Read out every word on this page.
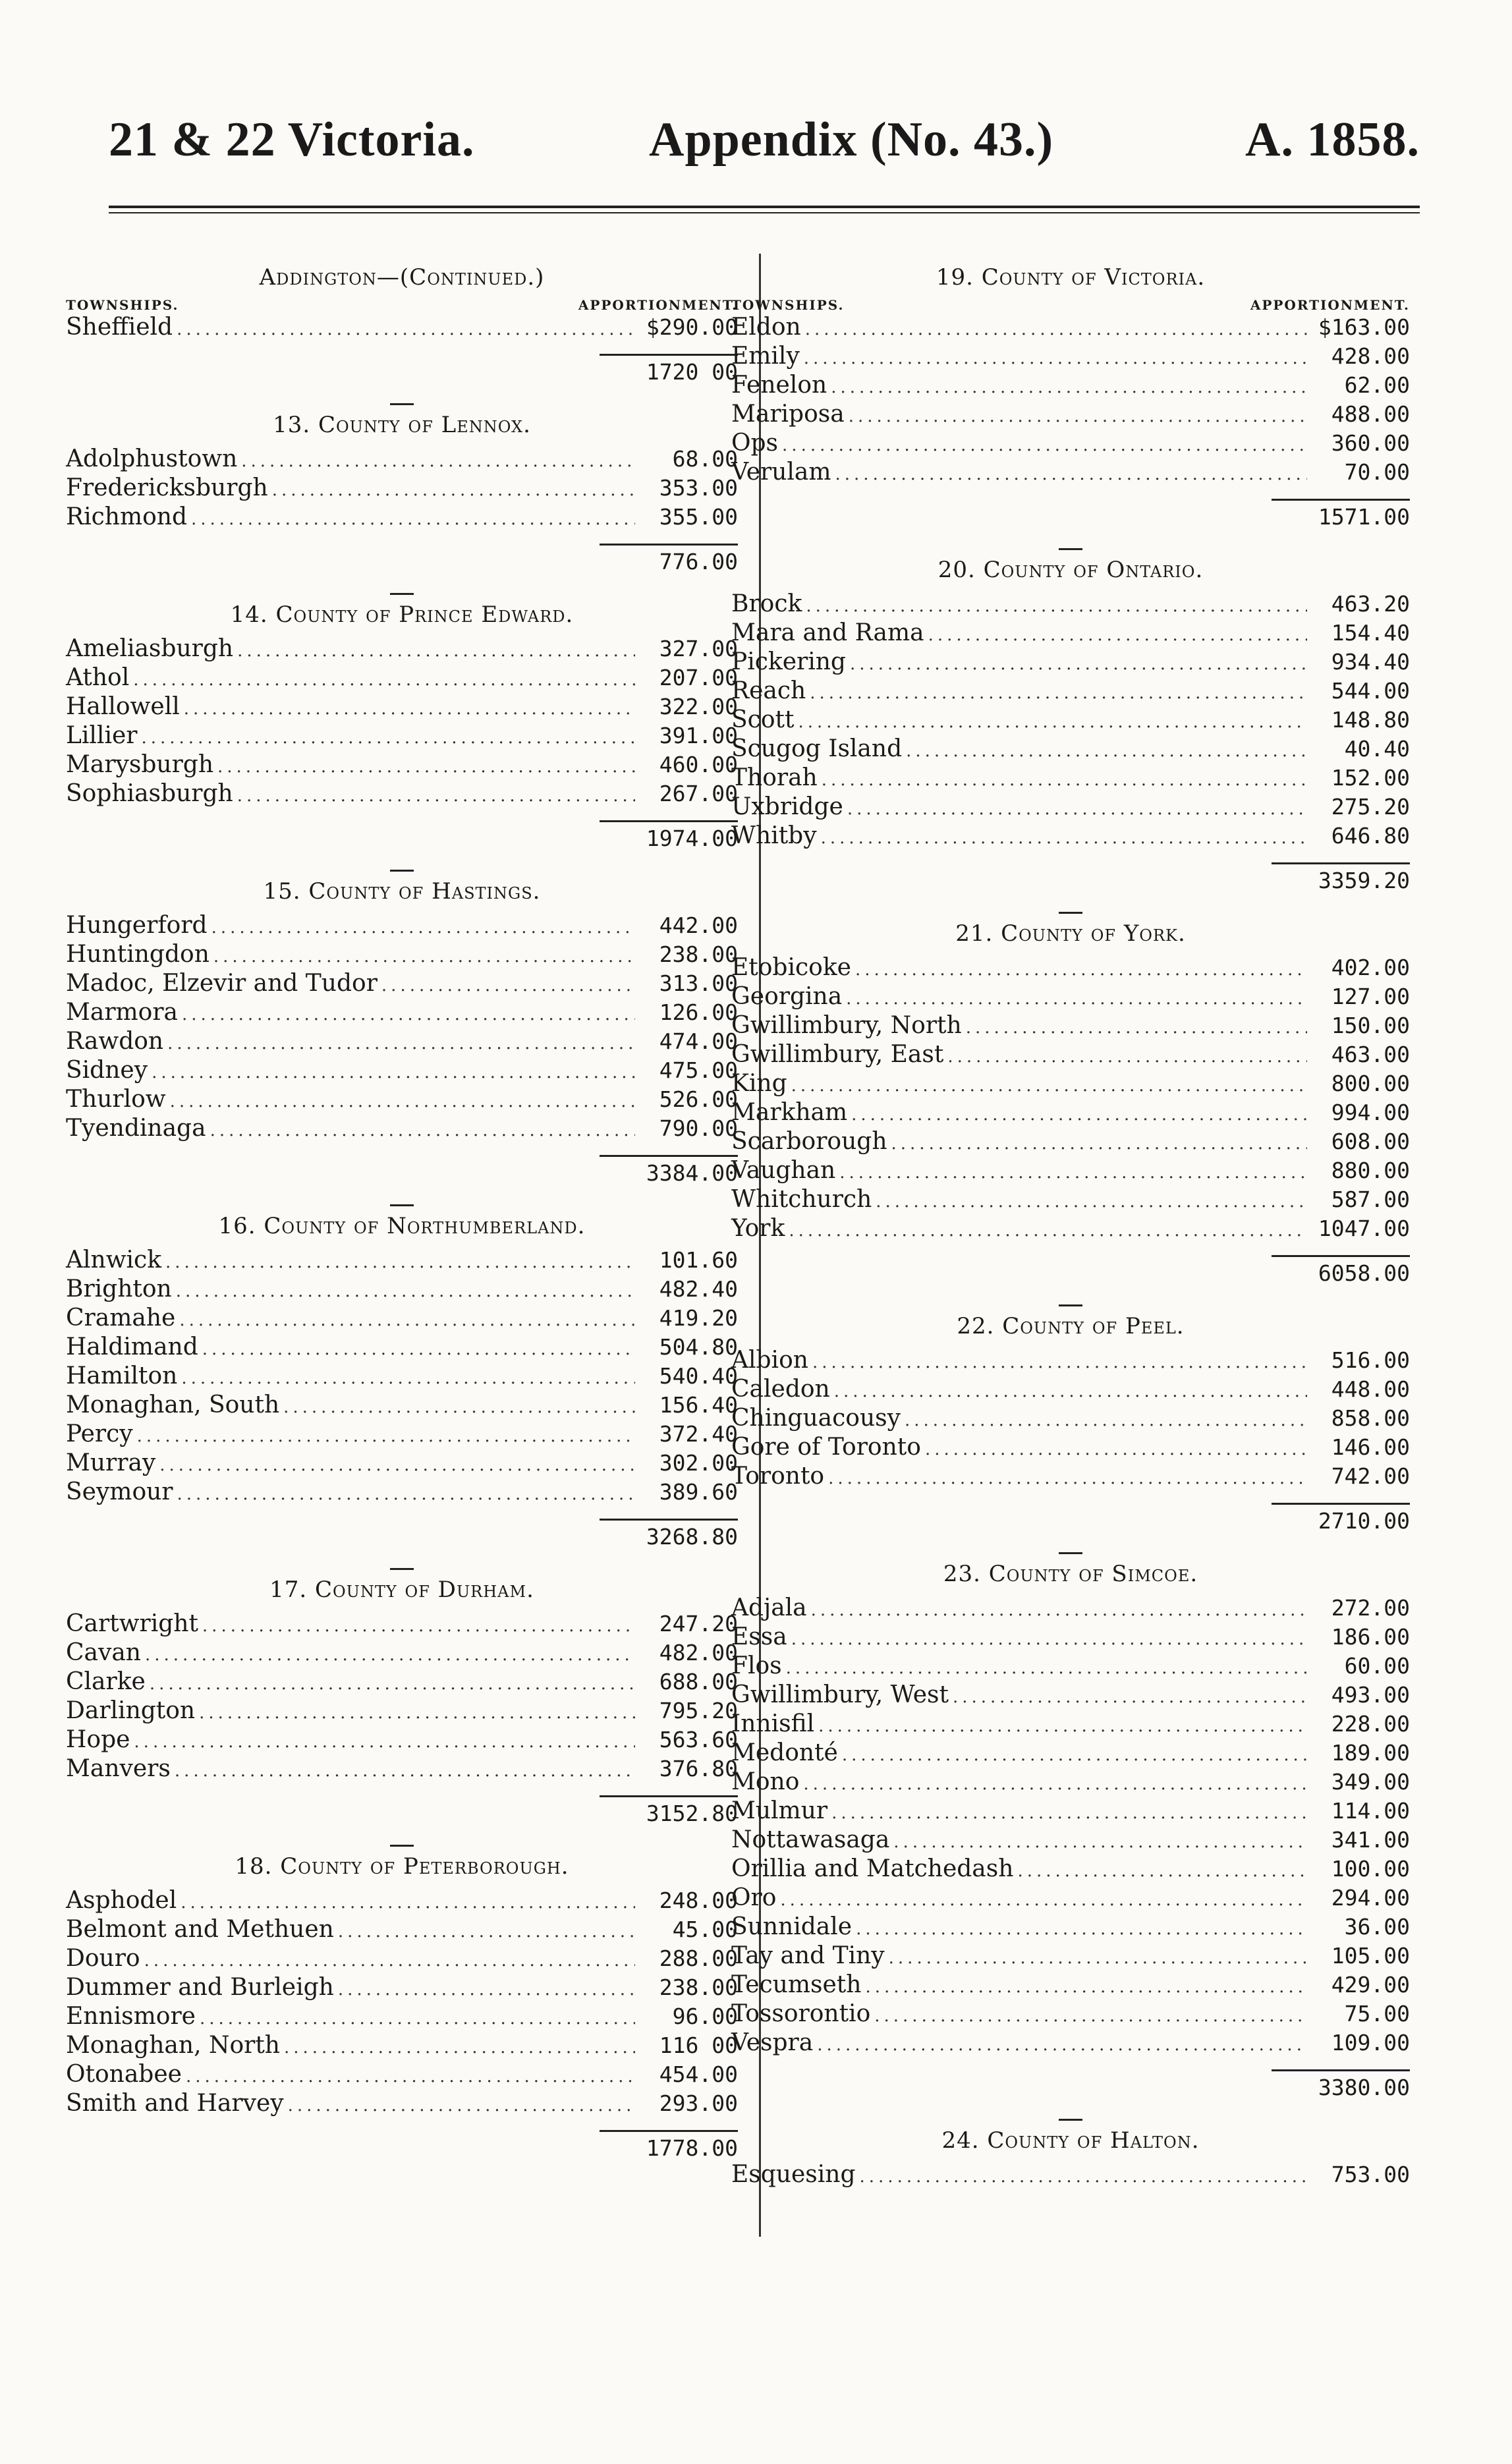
21 & 22 Victoria.	Appendix (No. 43.)	A. 1858.
Addington—(Continued.)
TOWNSHIPS.	APPORTIONMENT.
Sheffield .....	$290.00
1720 00
13. County of Lennox.
Adolphustown .....	68.00
Fredericksburgh .....	353.00
Richmond .....	355.00
776.00
14. County of Prince Edward.
Ameliasburgh .....	327.00
Athol .....	207.00
Hallowell .....	322.00
Lillier .....	391.00
Marysburgh .....	460.00
Sophiasburgh .....	267.00
1974.00
15. County of Hastings.
Hungerford .....	442.00
Huntingdon .....	238.00
Madoc, Elzevir and Tudor .....	313.00
Marmora .....	126.00
Rawdon .....	474.00
Sidney .....	475.00
Thurlow .....	526.00
Tyendinaga .....	790.00
3384.00
16. County of Northumberland.
Alnwick .....	101.60
Brighton .....	482.40
Cramahe .....	419.20
Haldimand .....	504.80
Hamilton .....	540.40
Monaghan, South .....	156.40
Percy .....	372.40
Murray .....	302.00
Seymour .....	389.60
3268.80
17. County of Durham.
Cartwright .....	247.20
Cavan .....	482.00
Clarke .....	688.00
Darlington .....	795.20
Hope .....	563.60
Manvers .....	376.80
3152.80
18. County of Peterborough.
Asphodel .....	248.00
Belmont and Methuen .....	45.00
Douro .....	288.00
Dummer and Burleigh .....	238.00
Ennismore .....	96.00
Monaghan, North .....	116 00
Otonabee .....	454.00
Smith and Harvey .....	293.00
1778.00
19. County of Victoria.
TOWNSHIPS.	APPORTIONMENT.
Eldon .....	$163.00
Emily .....	428.00
Fenelon .....	62.00
Mariposa .....	488.00
Ops .....	360.00
Verulam .....	70.00
1571.00
20. County of Ontario.
Brock .....	463.20
Mara and Rama .....	154.40
Pickering .....	934.40
Reach .....	544.00
Scott .....	148.80
Scugog Island .....	40.40
Thorah .....	152.00
Uxbridge .....	275.20
Whitby .....	646.80
3359.20
21. County of York.
Etobicoke .....	402.00
Georgina .....	127.00
Gwillimbury, North .....	150.00
Gwillimbury, East .....	463.00
King .....	800.00
Markham .....	994.00
Scarborough .....	608.00
Vaughan .....	880.00
Whitchurch .....	587.00
York .....	1047.00
6058.00
22. County of Peel.
Albion .....	516.00
Caledon .....	448.00
Chinguacousy .....	858.00
Gore of Toronto .....	146.00
Toronto .....	742.00
2710.00
23. County of Simcoe.
Adjala .....	272.00
Essa .....	186.00
Flos .....	60.00
Gwillimbury, West .....	493.00
Innisfil .....	228.00
Medonté .....	189.00
Mono .....	349.00
Mulmur .....	114.00
Nottawasaga .....	341.00
Orillia and Matchedash .....	100.00
Oro .....	294.00
Sunnidale .....	36.00
Tay and Tiny .....	105.00
Tecumseth .....	429.00
Tossorontio .....	75.00
Vespra .....	109.00
3380.00
24. County of Halton.
Esquesing .....	753.00
